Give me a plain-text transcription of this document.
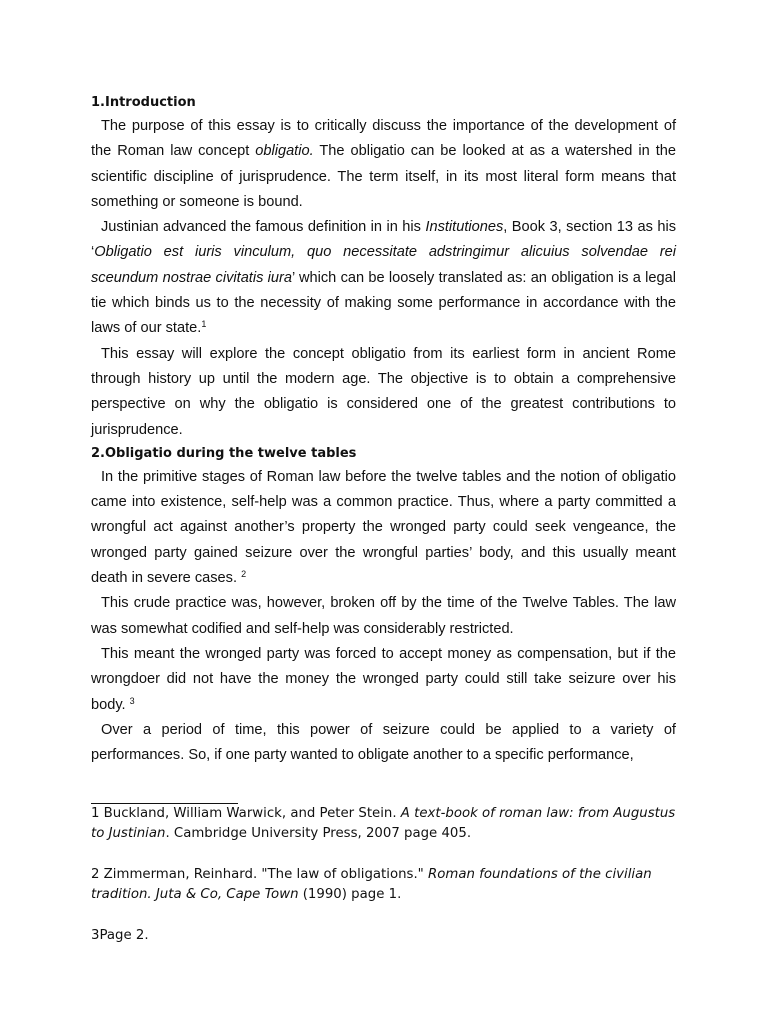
1.Introduction

The purpose of this essay is to critically discuss the importance of the development of the Roman law concept obligatio. The obligatio can be looked at as a watershed in the scientific discipline of jurisprudence. The term itself, in its most literal form means that something or someone is bound.

Justinian advanced the famous definition in in his Institutiones, Book 3, section 13 as his ‘Obligatio est iuris vinculum, quo necessitate adstringimur alicuius solvendae rei sceundum nostrae civitatis iura’ which can be loosely translated as: an obligation is a legal tie which binds us to the necessity of making some performance in accordance with the laws of our state.$^1$

This essay will explore the concept obligatio from its earliest form in ancient Rome through history up until the modern age. The objective is to obtain a comprehensive perspective on why the obligatio is considered one of the greatest contributions to jurisprudence.

2.Obligatio during the twelve tables

In the primitive stages of Roman law before the twelve tables and the notion of obligatio came into existence, self-help was a common practice. Thus, where a party committed a wrongful act against another’s property the wronged party could seek vengeance, the wronged party gained seizure over the wrongful parties’ body, and this usually meant death in severe cases. $^2$

This crude practice was, however, broken off by the time of the Twelve Tables. The law was somewhat codified and self-help was considerably restricted.

This meant the wronged party was forced to accept money as compensation, but if the wrongdoer did not have the money the wronged party could still take seizure over his body. $^3$

Over a period of time, this power of seizure could be applied to a variety of performances. So, if one party wanted to obligate another to a specific performance,

1 Buckland, William Warwick, and Peter Stein. A text-book of roman law: from Augustus to Justinian. Cambridge University Press, 2007 page 405.

2 Zimmerman, Reinhard. "The law of obligations." Roman foundations of the civilian tradition. Juta & Co, Cape Town (1990) page 1.

3Page 2.
